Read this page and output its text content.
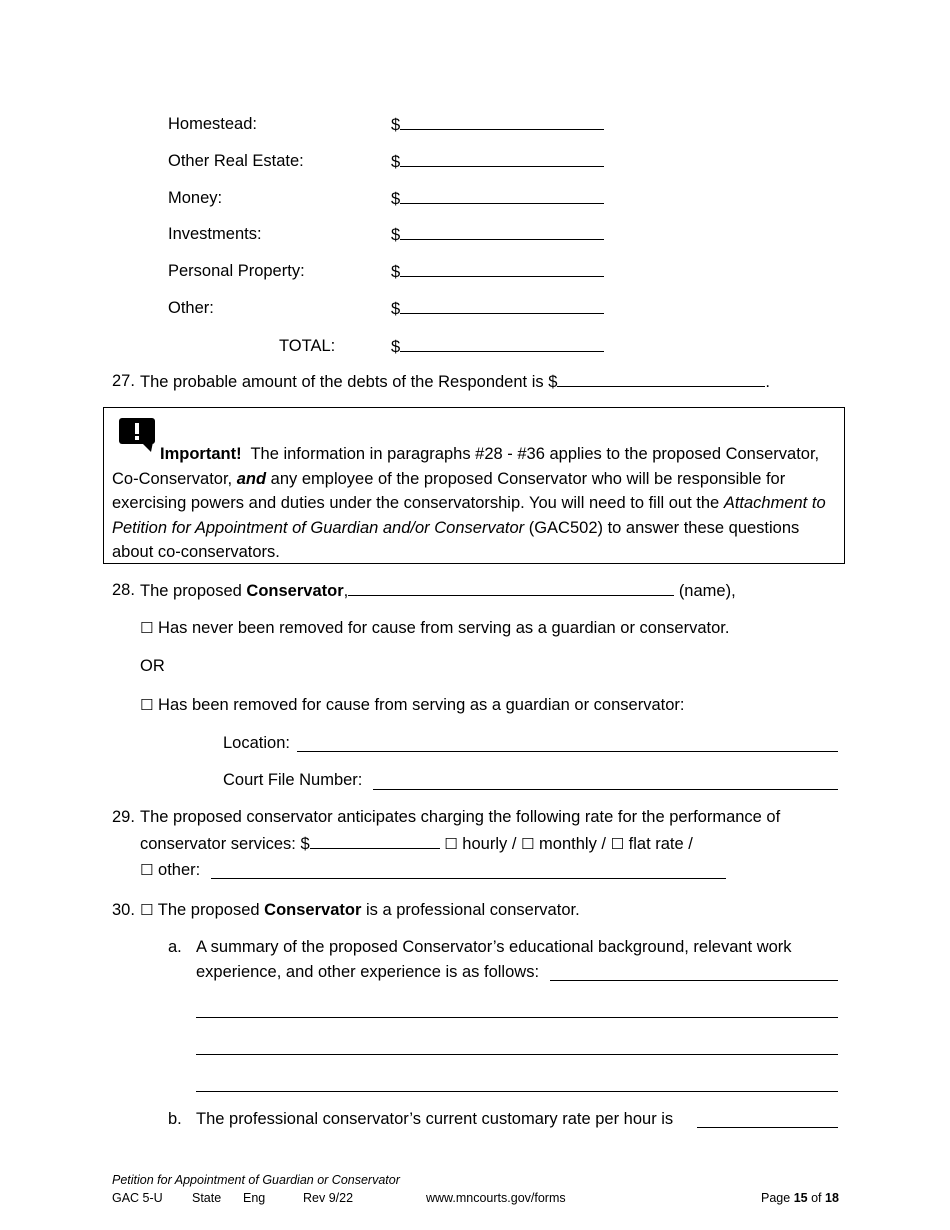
Homestead:	$
Other Real Estate:	$
Money:	$
Investments:	$
Personal Property:	$
Other:	$
TOTAL:	$
27. The probable amount of the debts of the Respondent is $	.
Important! The information in paragraphs #28 - #36 applies to the proposed Conservator, Co-Conservator, and any employee of the proposed Conservator who will be responsible for exercising powers and duties under the conservatorship. You will need to fill out the Attachment to Petition for Appointment of Guardian and/or Conservator (GAC502) to answer these questions about co-conservators.
28. The proposed Conservator,	(name),
☐ Has never been removed for cause from serving as a guardian or conservator.
OR
☐ Has been removed for cause from serving as a guardian or conservator:
Location:
Court File Number:
29. The proposed conservator anticipates charging the following rate for the performance of
conservator services: $	☐ hourly / ☐ monthly / ☐ flat rate /
☐ other:
30. ☐ The proposed Conservator is a professional conservator.
a. A summary of the proposed Conservator’s educational background, relevant work
experience, and other experience is as follows:
b. The professional conservator’s current customary rate per hour is
Petition for Appointment of Guardian or Conservator
GAC 5-U State Eng	Rev 9/22	www.mncourts.gov/forms	Page 15 of 18
